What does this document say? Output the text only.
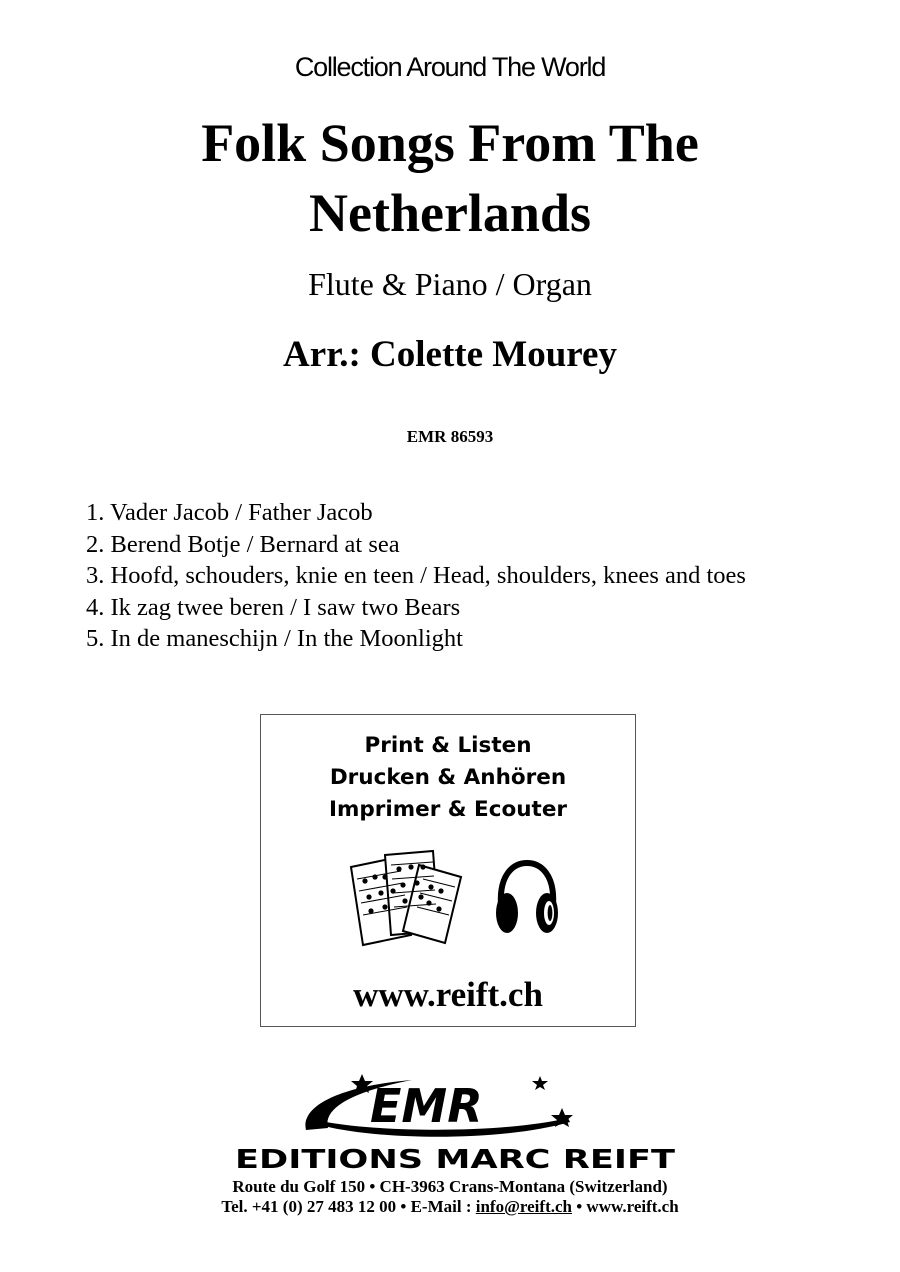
Collection Around The World
Folk Songs From The
Netherlands
Flute & Piano / Organ
Arr.: Colette Mourey
EMR 86593
1. Vader Jacob / Father Jacob
2. Berend Botje / Bernard at sea
3. Hoofd, schouders, knie en teen / Head, shoulders, knees and toes
4. Ik zag twee beren / I saw two Bears
5. In de maneschijn / In the Moonlight
Print & Listen
Drucken & Anhören
Imprimer & Ecouter
www.reift.ch
EMR
EDITIONS MARC REIFT
Route du Golf 150 • CH-3963 Crans-Montana (Switzerland)
Tel. +41 (0) 27 483 12 00 • E-Mail : info@reift.ch • www.reift.ch
